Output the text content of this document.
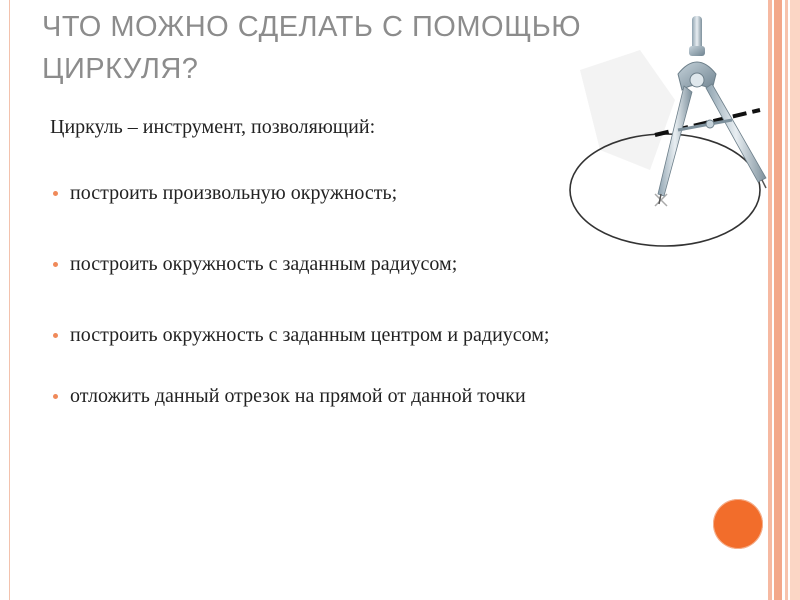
ЧТО МОЖНО СДЕЛАТЬ С ПОМОЩЬЮ ЦИРКУЛЯ?

Циркуль – инструмент, позволяющий:

построить произвольную окружность;
построить окружность с заданным радиусом;
построить окружность с заданным центром и радиусом;
отложить данный отрезок на прямой от данной точки
